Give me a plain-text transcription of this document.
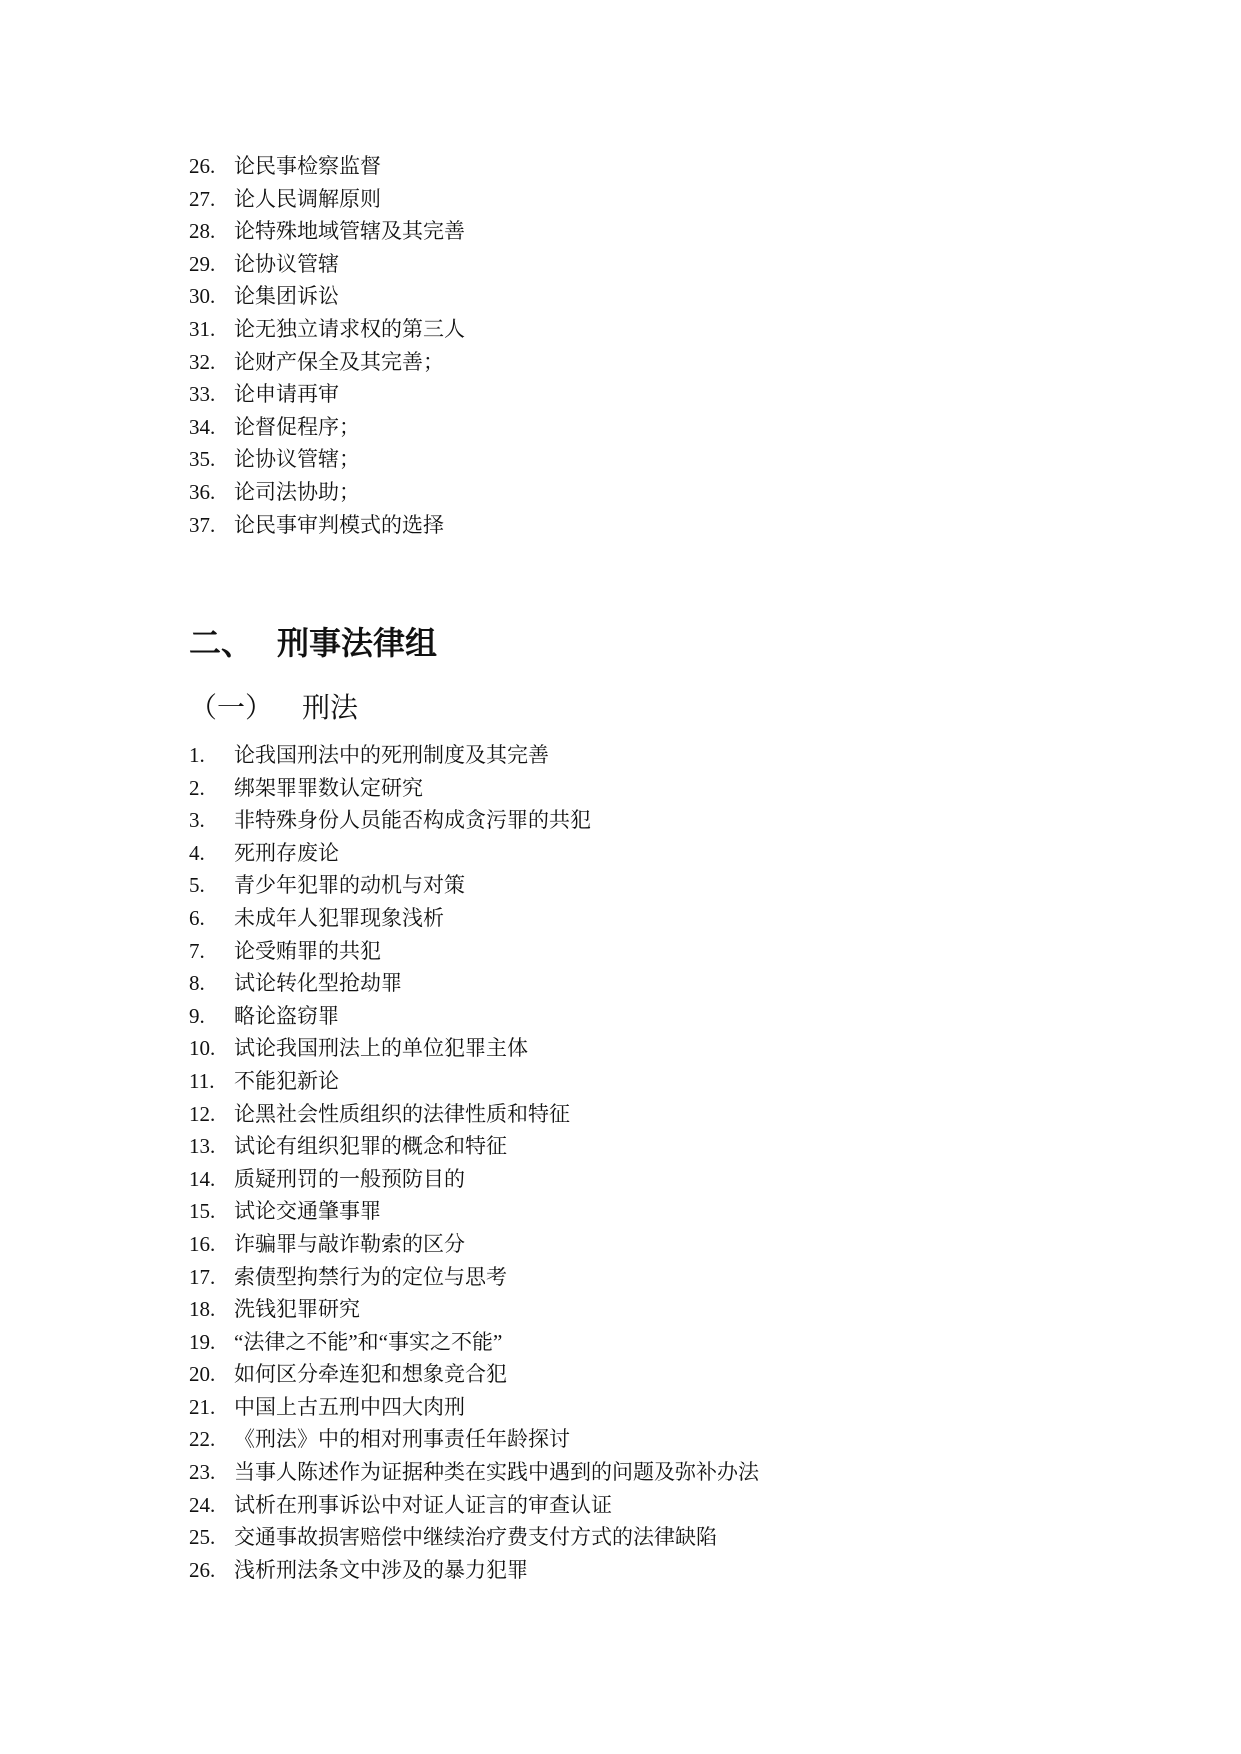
26. 论民事检察监督
27. 论人民调解原则
28. 论特殊地域管辖及其完善
29. 论协议管辖
30. 论集团诉讼
31. 论无独立请求权的第三人
32. 论财产保全及其完善；
33. 论申请再审
34. 论督促程序；
35. 论协议管辖；
36. 论司法协助；
37. 论民事审判模式的选择
二、 刑事法律组
（一） 刑法
1.	论我国刑法中的死刑制度及其完善
2.	绑架罪罪数认定研究
3.	非特殊身份人员能否构成贪污罪的共犯
4.	死刑存废论
5.	青少年犯罪的动机与对策
6.	未成年人犯罪现象浅析
7.	论受贿罪的共犯
8.	试论转化型抢劫罪
9.	略论盗窃罪
10. 试论我国刑法上的单位犯罪主体
11. 不能犯新论
12. 论黑社会性质组织的法律性质和特征
13. 试论有组织犯罪的概念和特征
14. 质疑刑罚的一般预防目的
15. 试论交通肇事罪
16. 诈骗罪与敲诈勒索的区分
17. 索债型拘禁行为的定位与思考
18. 洗钱犯罪研究
19. “法律之不能”和“事实之不能”
20. 如何区分牵连犯和想象竞合犯
21. 中国上古五刑中四大肉刑
22. 《刑法》中的相对刑事责任年龄探讨
23. 当事人陈述作为证据种类在实践中遇到的问题及弥补办法
24. 试析在刑事诉讼中对证人证言的审查认证
25. 交通事故损害赔偿中继续治疗费支付方式的法律缺陷
26. 浅析刑法条文中涉及的暴力犯罪
